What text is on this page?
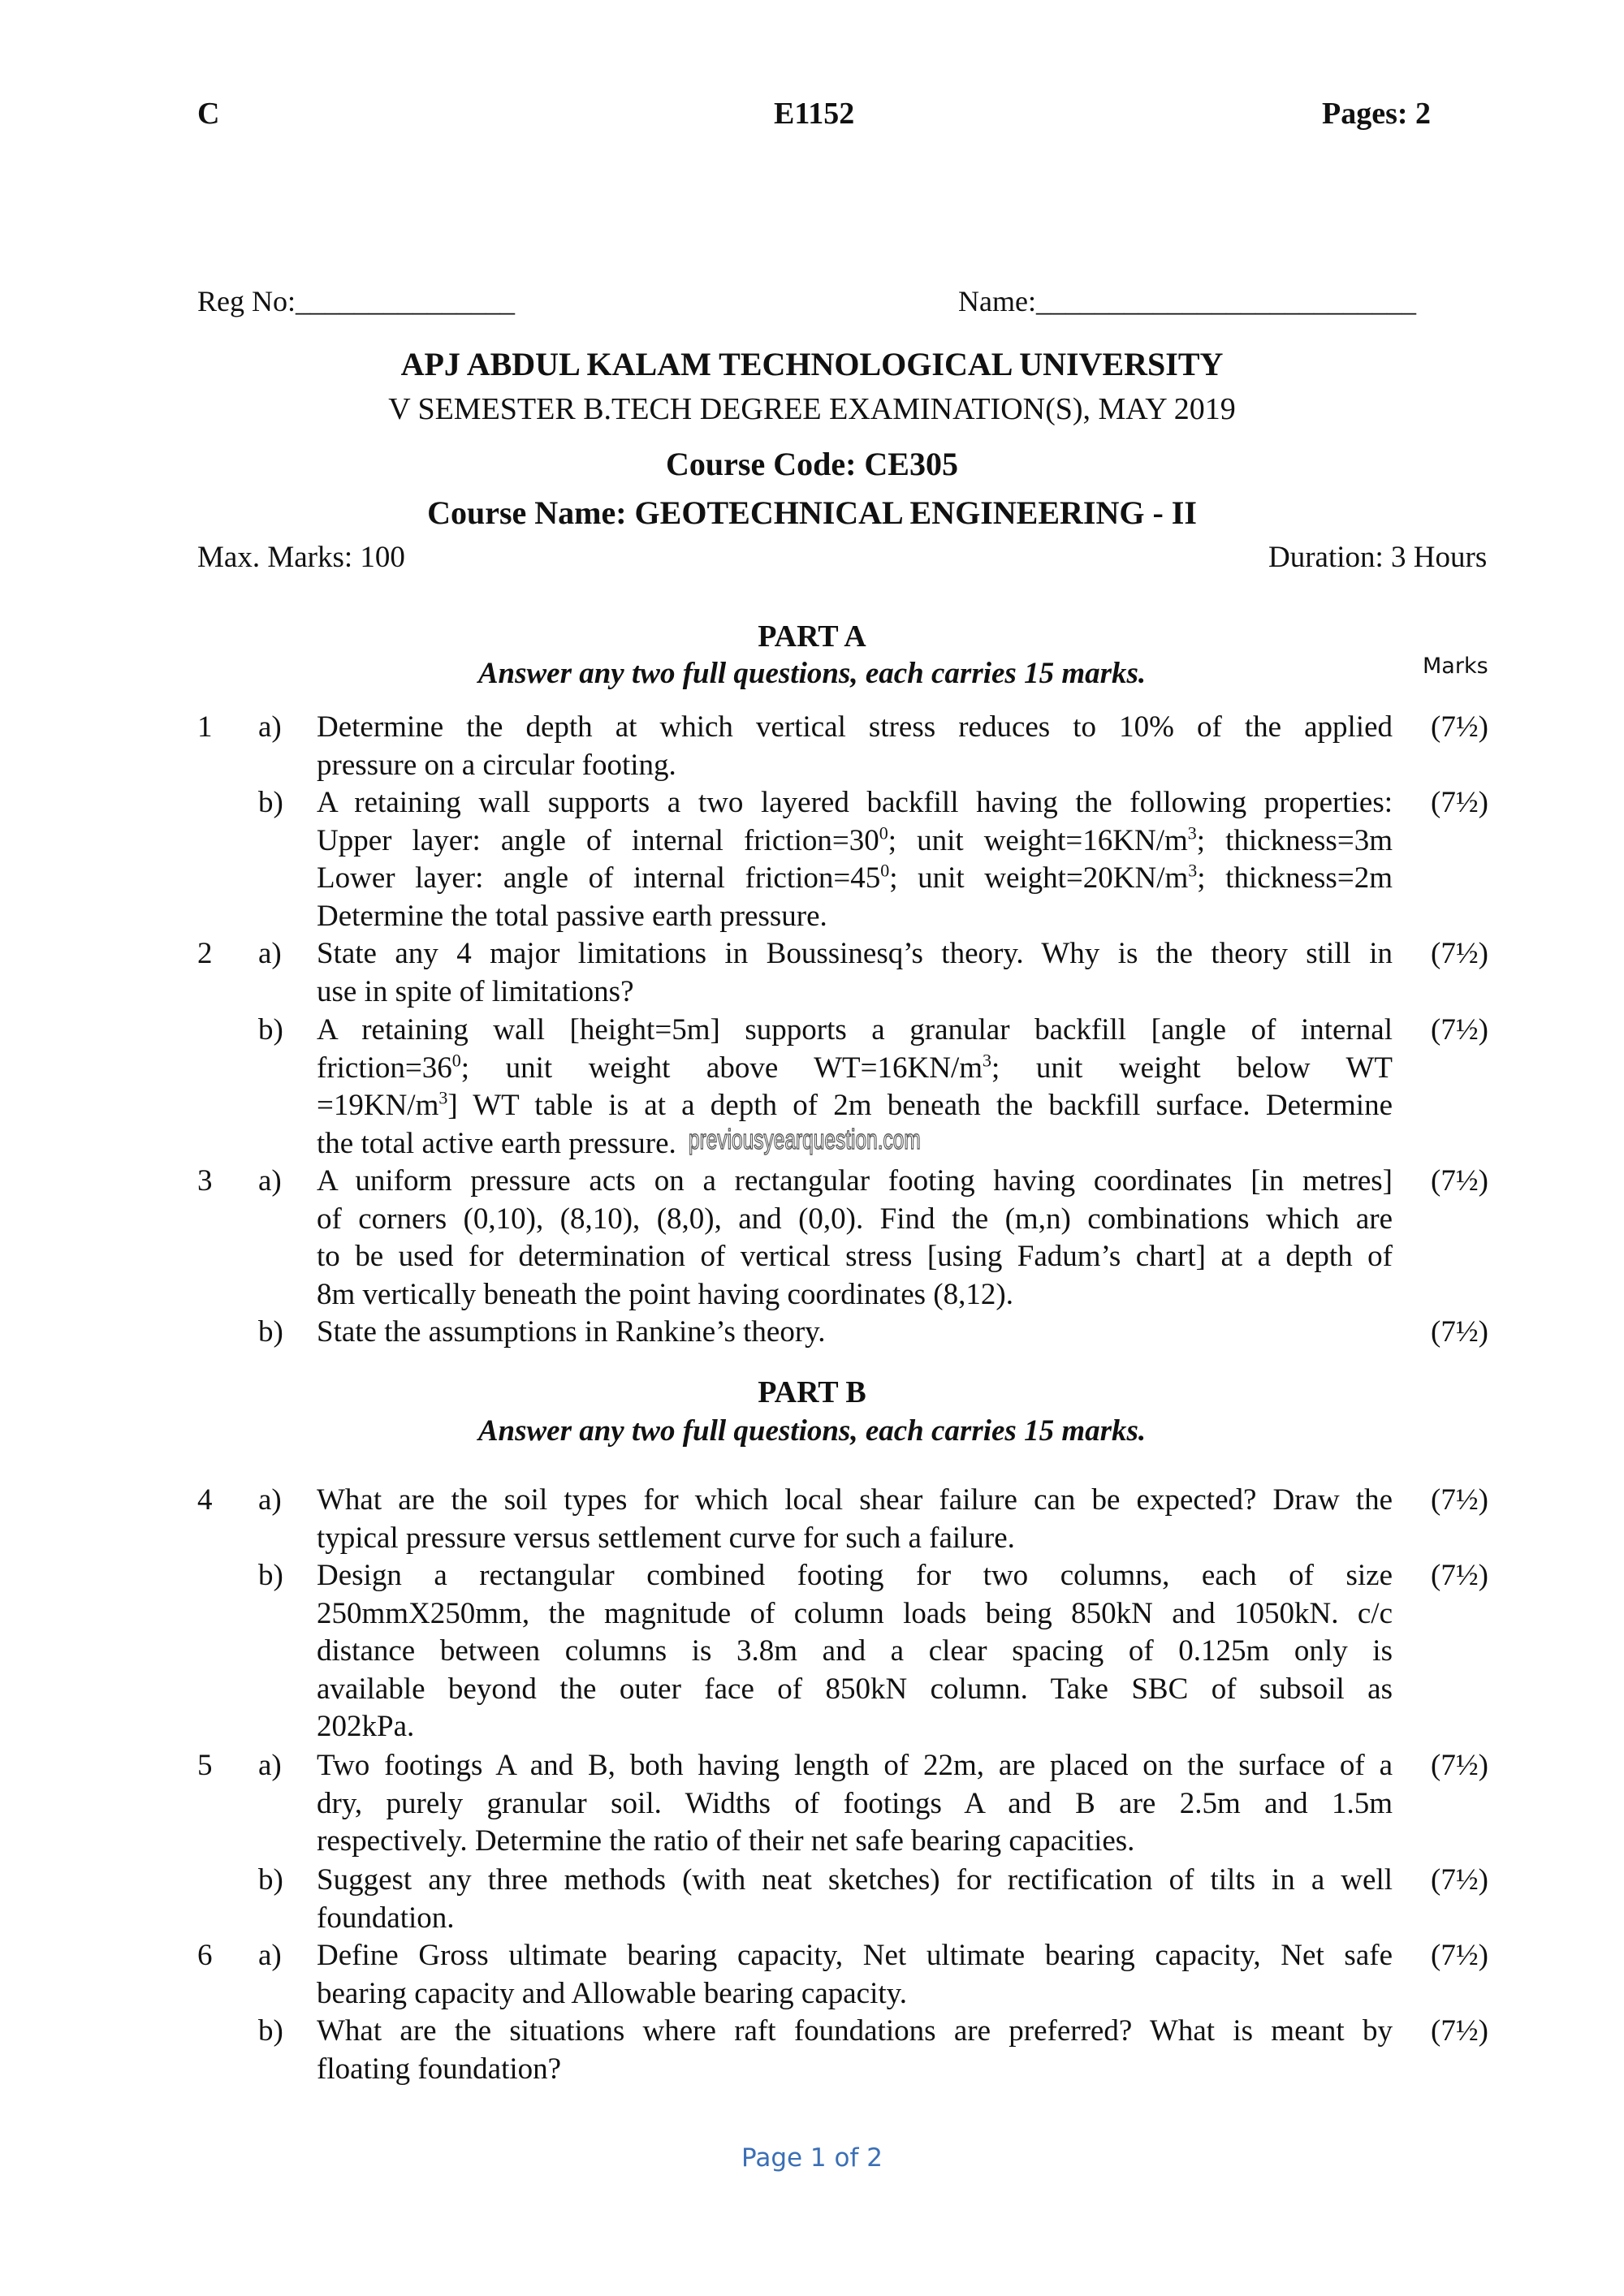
C	E1152	Pages: 2
Reg No:_______________	Name:__________________________
APJ ABDUL KALAM TECHNOLOGICAL UNIVERSITY
V SEMESTER B.TECH DEGREE EXAMINATION(S), MAY 2019
Course Code: CE305
Course Name: GEOTECHNICAL ENGINEERING - II
Max. Marks: 100	Duration: 3 Hours
PART A
Answer any two full questions, each carries 15 marks.	Marks
PART B
Answer any two full questions, each carries 15 marks.
1 a) Determine the depth at which vertical stress reduces to 10% of the applied
pressure on a circular footing.
(7½)
b) A retaining wall supports a two layered backfill having the following properties:
Upper layer: angle of internal $friction=30^0$; unit $weight=16KN/m^3$; thickness=3m
Lower layer: angle of internal $friction=45^0$; unit $weight=20KN/m^3$; thickness=2m
Determine the total passive earth pressure.
(7½)
2 a) State any 4 major limitations in Boussinesq’s theory. Why is the theory still in
use in spite of limitations?
(7½)
b) A retaining wall [height=5m] supports a granular backfill [angle of internal
$friction=36^0$; unit weight above $WT=16KN/m^3$; unit weight below WT
$=19KN/m^3$] WT table is at a depth of 2m beneath the backfill surface. Determine
the total active earth pressure.
(7½)
3 a) A uniform pressure acts on a rectangular footing having coordinates [in metres]
of corners (0,10), (8,10), (8,0), and (0,0). Find the (m,n) combinations which are
to be used for determination of vertical stress [using Fadum’s chart] at a depth of
8m vertically beneath the point having coordinates (8,12).
(7½)
b) State the assumptions in Rankine’s theory.	(7½)
4 a) What are the soil types for which local shear failure can be expected? Draw the
typical pressure versus settlement curve for such a failure.
(7½)
b) Design a rectangular combined footing for two columns, each of size
250mmX250mm, the magnitude of column loads being 850kN and 1050kN. c/c
distance between columns is 3.8m and a clear spacing of 0.125m only is
available beyond the outer face of 850kN column. Take SBC of subsoil as
202kPa.
(7½)
5 a) Two footings A and B, both having length of 22m, are placed on the surface of a
dry, purely granular soil. Widths of footings A and B are 2.5m and 1.5m
respectively. Determine the ratio of their net safe bearing capacities.
(7½)
b) Suggest any three methods (with neat sketches) for rectification of tilts in a well
foundation.
(7½)
6 a) Define Gross ultimate bearing capacity, Net ultimate bearing capacity, Net safe
bearing capacity and Allowable bearing capacity.
(7½)
b) What are the situations where raft foundations are preferred? What is meant by
floating foundation?
(7½)
previousyearquestion.com
Page 1 of 2
